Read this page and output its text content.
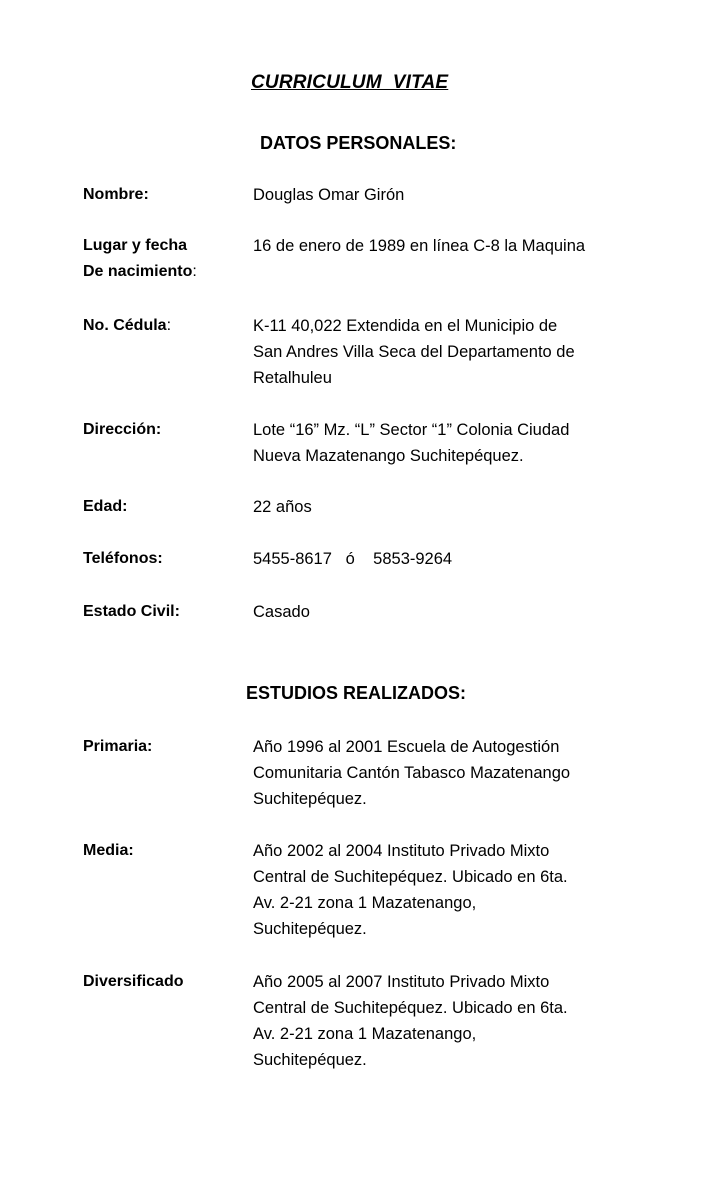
CURRICULUM  VITAE
DATOS PERSONALES:
Nombre:	Douglas Omar Girón
Lugar y fecha
De nacimiento:
16 de enero de 1989 en línea C-8 la Maquina
No. Cédula:	K-11 40,022 Extendida en el Municipio de
San Andres Villa Seca del Departamento de
Retalhuleu
Dirección:	Lote “16” Mz. “L” Sector “1” Colonia Ciudad
Nueva Mazatenango Suchitepéquez.
Edad:	22 años
Teléfonos:	5455-8617   ó    5853-9264
Estado Civil:	Casado
ESTUDIOS REALIZADOS:
Primaria:	Año 1996 al 2001 Escuela de Autogestión
Comunitaria Cantón Tabasco Mazatenango
Suchitepéquez.
Media:	Año 2002 al 2004 Instituto Privado Mixto
Central de Suchitepéquez. Ubicado en 6ta.
Av. 2-21 zona 1 Mazatenango,
Suchitepéquez.
Diversificado	Año 2005 al 2007 Instituto Privado Mixto
Central de Suchitepéquez. Ubicado en 6ta.
Av. 2-21 zona 1 Mazatenango,
Suchitepéquez.
